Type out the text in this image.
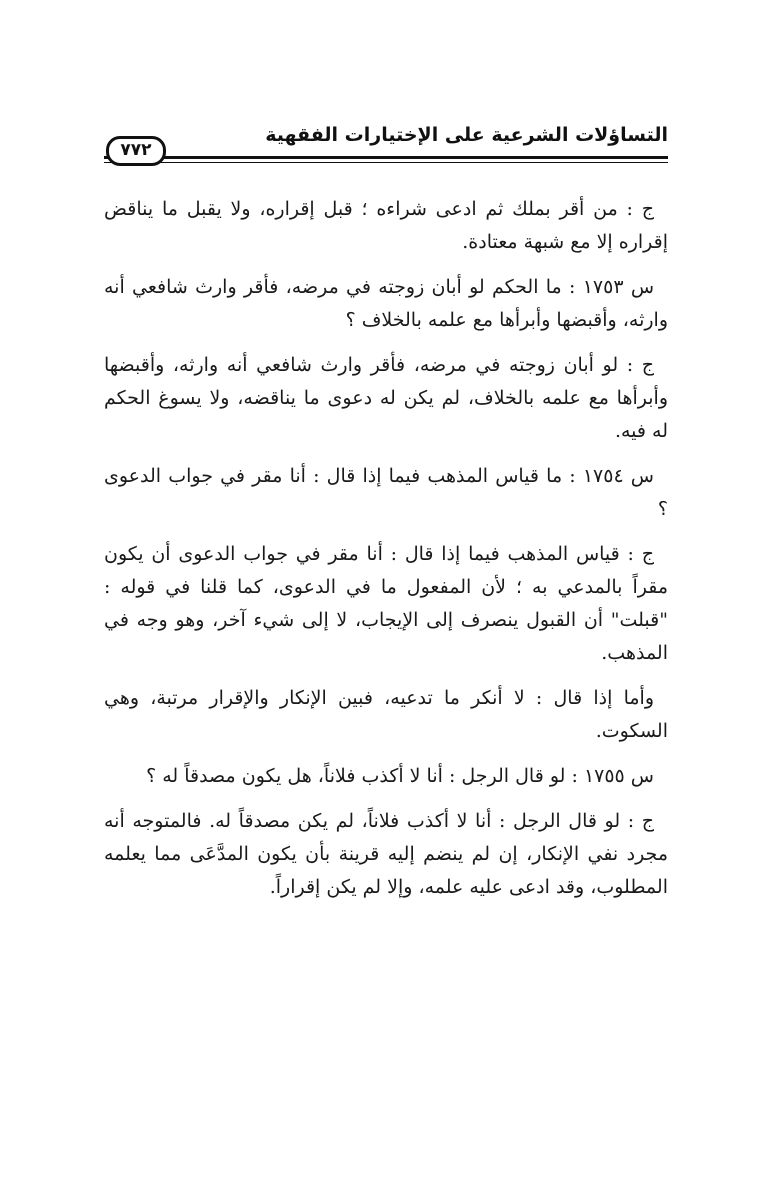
التساؤلات الشرعية على الإختيارات الفقهية
٧٧٢

ج : من أقر بملك ثم ادعى شراءه ؛ قبل إقراره، ولا يقبل ما يناقض إقراره إلا مع شبهة معتادة.

س ١٧٥٣ : ما الحكم لو أبان زوجته في مرضه، فأقر وارث شافعي أنه وارثه، وأقبضها وأبرأها مع علمه بالخلاف ؟

ج : لو أبان زوجته في مرضه، فأقر وارث شافعي أنه وارثه، وأقبضها وأبرأها مع علمه بالخلاف، لم يكن له دعوى ما يناقضه، ولا يسوغ الحكم له فيه.

س ١٧٥٤ : ما قياس المذهب فيما إذا قال : أنا مقر في جواب الدعوى ؟

ج : قياس المذهب فيما إذا قال : أنا مقر في جواب الدعوى أن يكون مقراً بالمدعي به ؛ لأن المفعول ما في الدعوى، كما قلنا في قوله : "قبلت" أن القبول ينصرف إلى الإيجاب، لا إلى شيء آخر، وهو وجه في المذهب.

وأما إذا قال : لا أنكر ما تدعيه، فبين الإنكار والإقرار مرتبة، وهي السكوت.

س ١٧٥٥ : لو قال الرجل : أنا لا أكذب فلاناً، هل يكون مصدقاً له ؟

ج : لو قال الرجل : أنا لا أكذب فلاناً، لم يكن مصدقاً له. فالمتوجه أنه مجرد نفي الإنكار، إن لم ينضم إليه قرينة بأن يكون المدَّعَى مما يعلمه المطلوب، وقد ادعى عليه علمه، وإلا لم يكن إقراراً.
